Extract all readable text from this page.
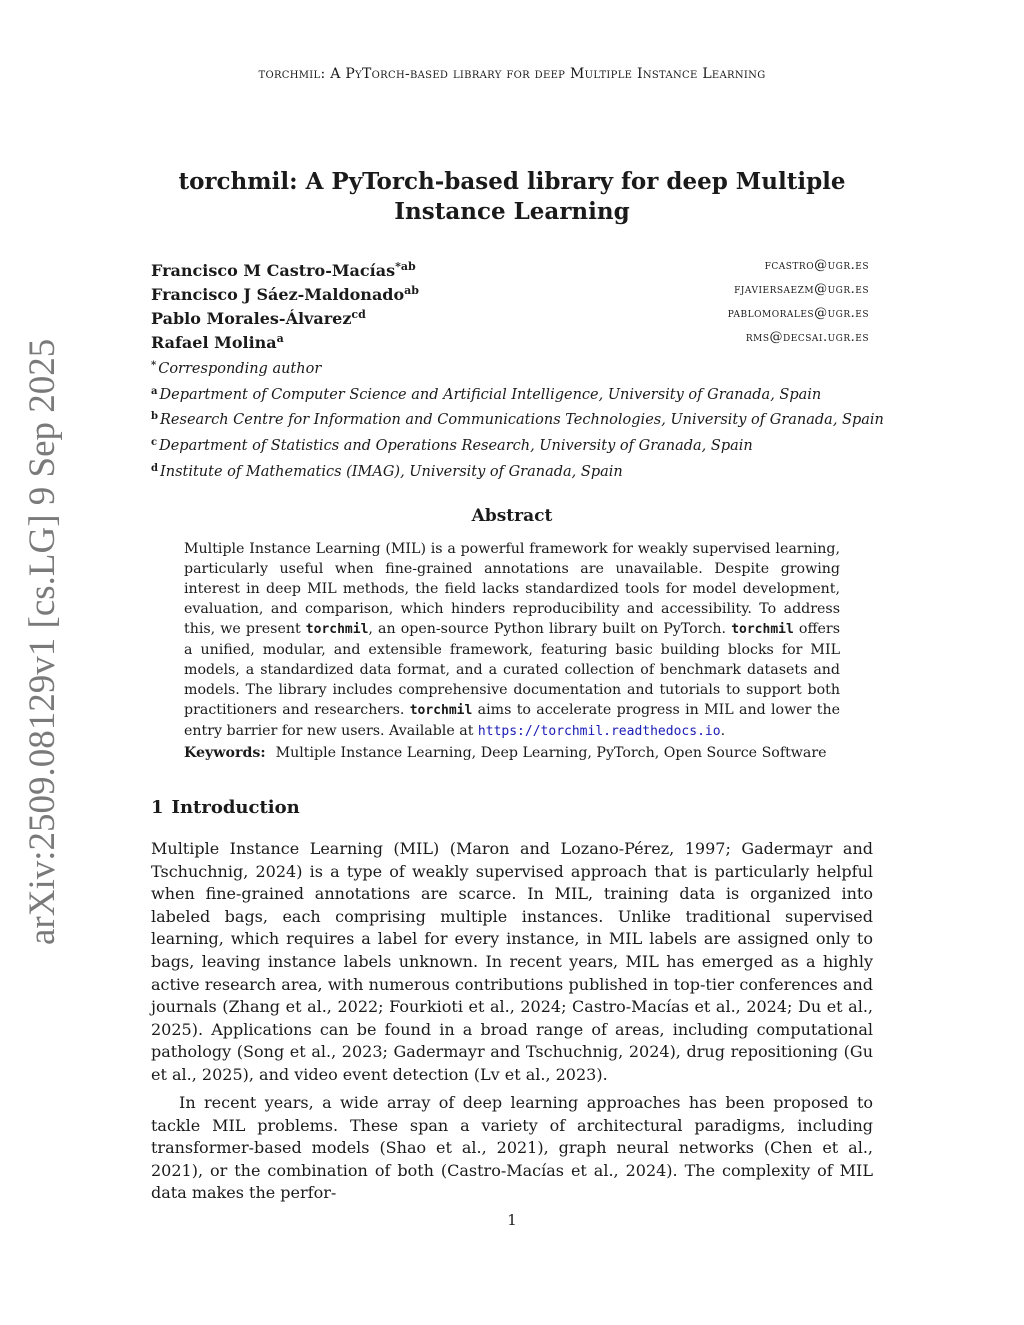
torchmil: A PyTorch-based library for deep Multiple Instance Learning
arXiv:2509.08129v1 [cs.LG] 9 Sep 2025
torchmil: A PyTorch-based library for deep Multiple
Instance Learning
Francisco M Castro-Macías$^{*ab}$	fcastro@ugr.es
Francisco J Sáez-Maldonado$^{ab}$	fjaviersaezm@ugr.es
Pablo Morales-Álvarez$^{cd}$	pablomorales@ugr.es
Rafael Molina$^a$	rms@decsai.ugr.es
* Corresponding author
$^a$ Department of Computer Science and Artificial Intelligence, University of Granada, Spain
$^b$ Research Centre for Information and Communications Technologies, University of Granada, Spain
$^c$ Department of Statistics and Operations Research, University of Granada, Spain
$^d$ Institute of Mathematics (IMAG), University of Granada, Spain
Abstract
Multiple Instance Learning (MIL) is a powerful framework for weakly supervised learning, particularly useful when fine-grained annotations are unavailable. Despite growing interest in deep MIL methods, the field lacks standardized tools for model development, evaluation, and comparison, which hinders reproducibility and accessibility. To address this, we present torchmil, an open-source Python library built on PyTorch. torchmil offers a unified, modular, and extensible framework, featuring basic building blocks for MIL models, a standardized data format, and a curated collection of benchmark datasets and models. The library includes comprehensive documentation and tutorials to support both practitioners and researchers. torchmil aims to accelerate progress in MIL and lower the entry barrier for new users. Available at https://torchmil.readthedocs.io.
Keywords: Multiple Instance Learning, Deep Learning, PyTorch, Open Source Software
1 Introduction
Multiple Instance Learning (MIL) (Maron and Lozano-Pérez, 1997; Gadermayr and Tschuchnig, 2024) is a type of weakly supervised approach that is particularly helpful when fine-grained annotations are scarce. In MIL, training data is organized into labeled bags, each comprising multiple instances. Unlike traditional supervised learning, which requires a label for every instance, in MIL labels are assigned only to bags, leaving instance labels unknown. In recent years, MIL has emerged as a highly active research area, with numerous contributions published in top-tier conferences and journals (Zhang et al., 2022; Fourkioti et al., 2024; Castro-Macías et al., 2024; Du et al., 2025). Applications can be found in a broad range of areas, including computational pathology (Song et al., 2023; Gadermayr and Tschuchnig, 2024), drug repositioning (Gu et al., 2025), and video event detection (Lv et al., 2023).
In recent years, a wide array of deep learning approaches has been proposed to tackle MIL problems. These span a variety of architectural paradigms, including transformer-based models (Shao et al., 2021), graph neural networks (Chen et al., 2021), or the combination of both (Castro-Macías et al., 2024). The complexity of MIL data makes the perfor-
1
